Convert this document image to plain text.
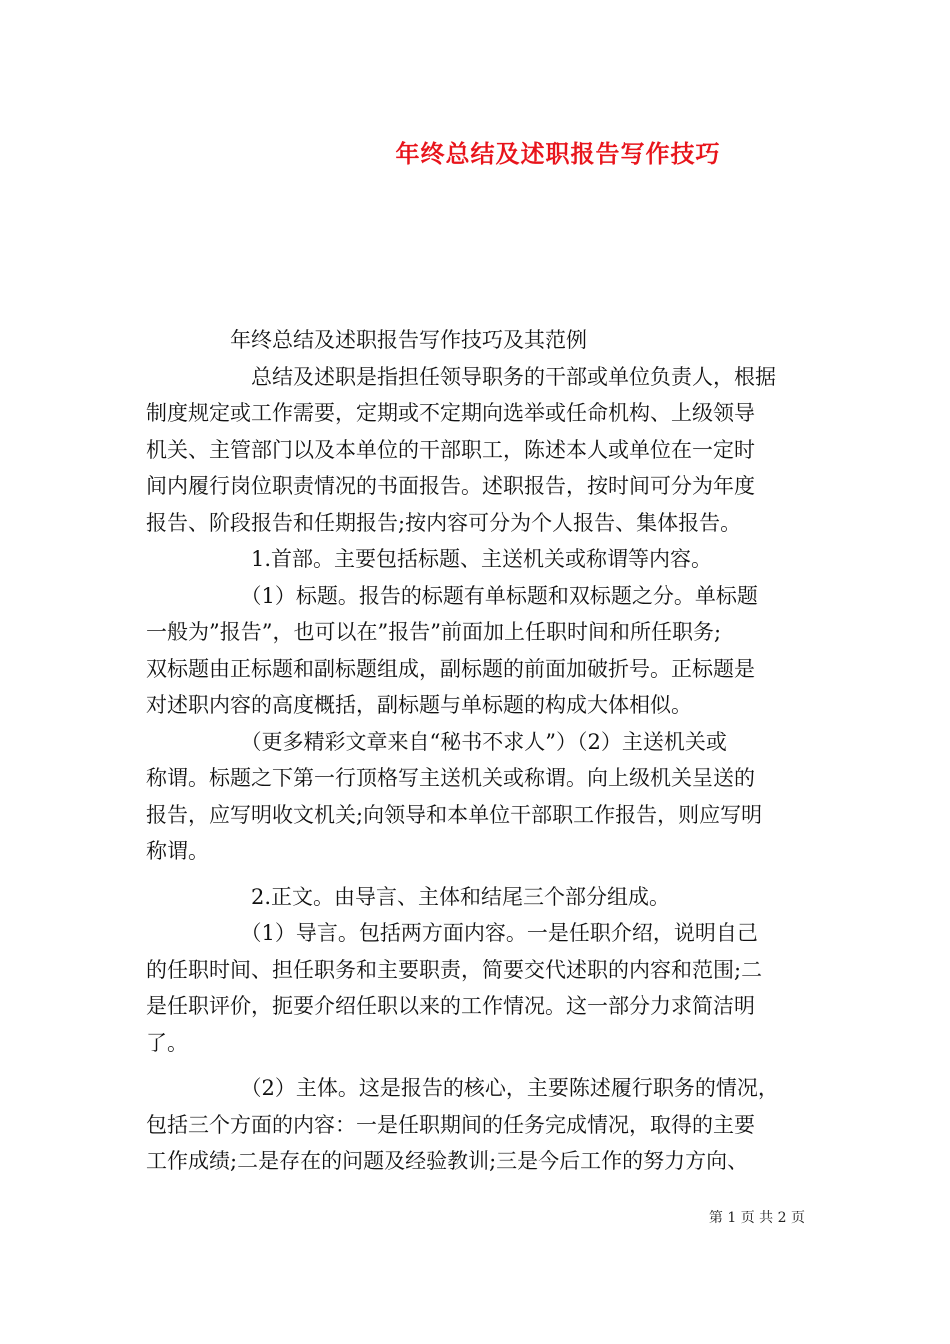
年终总结及述职报告写作技巧
　　　　年终总结及述职报告写作技巧及其范例
　　　　　总结及述职是指担任领导职务的干部或单位负责人，根据
制度规定或工作需要，定期或不定期向选举或任命机构、上级领导
机关、主管部门以及本单位的干部职工，陈述本人或单位在一定时
间内履行岗位职责情况的书面报告。述职报告，按时间可分为年度
报告、阶段报告和任期报告;按内容可分为个人报告、集体报告。
　　　　　1.首部。主要包括标题、主送机关或称谓等内容。
　　　　　（1）标题。报告的标题有单标题和双标题之分。单标题
一般为”报告”，也可以在”报告”前面加上任职时间和所任职务;
双标题由正标题和副标题组成，副标题的前面加破折号。正标题是
对述职内容的高度概括，副标题与单标题的构成大体相似。
　　　　　（更多精彩文章来自“秘书不求人”）（2）主送机关或
称谓。标题之下第一行顶格写主送机关或称谓。向上级机关呈送的
报告，应写明收文机关;向领导和本单位干部职工作报告，则应写明
称谓。
　　　　　2.正文。由导言、主体和结尾三个部分组成。
　　　　　（1）导言。包括两方面内容。一是任职介绍，说明自己
的任职时间、担任职务和主要职责，简要交代述职的内容和范围;二
是任职评价，扼要介绍任职以来的工作情况。这一部分力求简洁明
了。
　　　　　（2）主体。这是报告的核心，主要陈述履行职务的情况，
包括三个方面的内容：一是任职期间的任务完成情况，取得的主要
工作成绩;二是存在的问题及经验教训;三是今后工作的努力方向、
第 1 页 共 2 页
